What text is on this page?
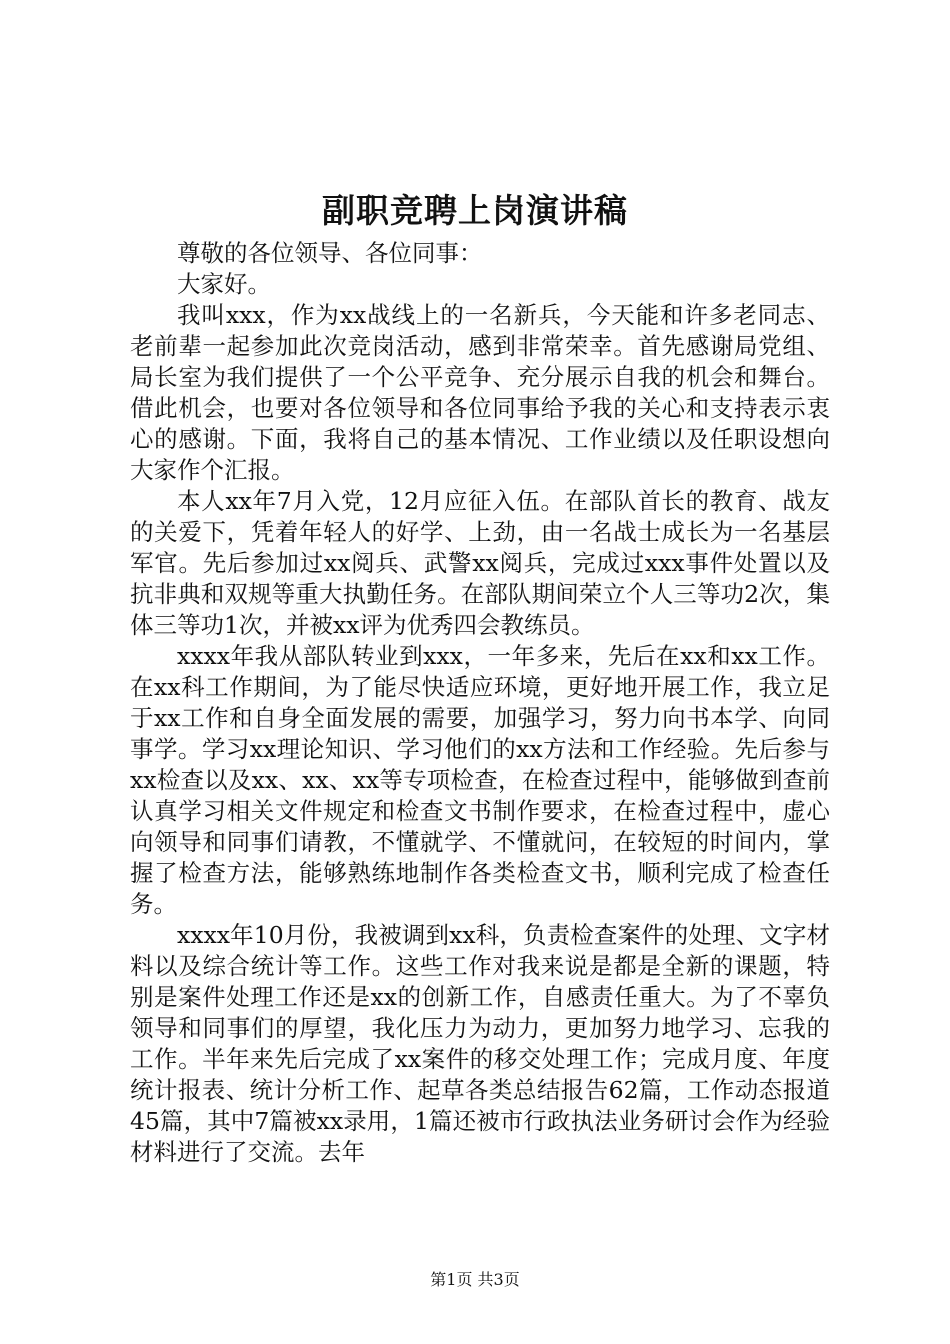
副职竞聘上岗演讲稿

尊敬的各位领导、各位同事：

大家好。

我叫xxx，作为xx战线上的一名新兵，今天能和许多老同志、老前辈一起参加此次竞岗活动，感到非常荣幸。首先感谢局党组、局长室为我们提供了一个公平竞争、充分展示自我的机会和舞台。借此机会，也要对各位领导和各位同事给予我的关心和支持表示衷心的感谢。下面，我将自己的基本情况、工作业绩以及任职设想向大家作个汇报。

本人xx年7月入党，12月应征入伍。在部队首长的教育、战友的关爱下，凭着年轻人的好学、上劲，由一名战士成长为一名基层军官。先后参加过xx阅兵、武警xx阅兵，完成过xxx事件处置以及抗非典和双规等重大执勤任务。在部队期间荣立个人三等功2次，集体三等功1次，并被xx评为优秀四会教练员。

xxxx年我从部队转业到xxx，一年多来，先后在xx和xx工作。在xx科工作期间，为了能尽快适应环境，更好地开展工作，我立足于xx工作和自身全面发展的需要，加强学习，努力向书本学、向同事学。学习xx理论知识、学习他们的xx方法和工作经验。先后参与xx检查以及xx、xx、xx等专项检查，在检查过程中，能够做到查前认真学习相关文件规定和检查文书制作要求，在检查过程中，虚心向领导和同事们请教，不懂就学、不懂就问，在较短的时间内，掌握了检查方法，能够熟练地制作各类检查文书，顺利完成了检查任务。

xxxx年10月份，我被调到xx科，负责检查案件的处理、文字材料以及综合统计等工作。这些工作对我来说是都是全新的课题，特别是案件处理工作还是xx的创新工作，自感责任重大。为了不辜负领导和同事们的厚望，我化压力为动力，更加努力地学习、忘我的工作。半年来先后完成了xx案件的移交处理工作；完成月度、年度统计报表、统计分析工作、起草各类总结报告62篇，工作动态报道45篇，其中7篇被xx录用，1篇还被市行政执法业务研讨会作为经验材料进行了交流。去年

第1页 共3页
